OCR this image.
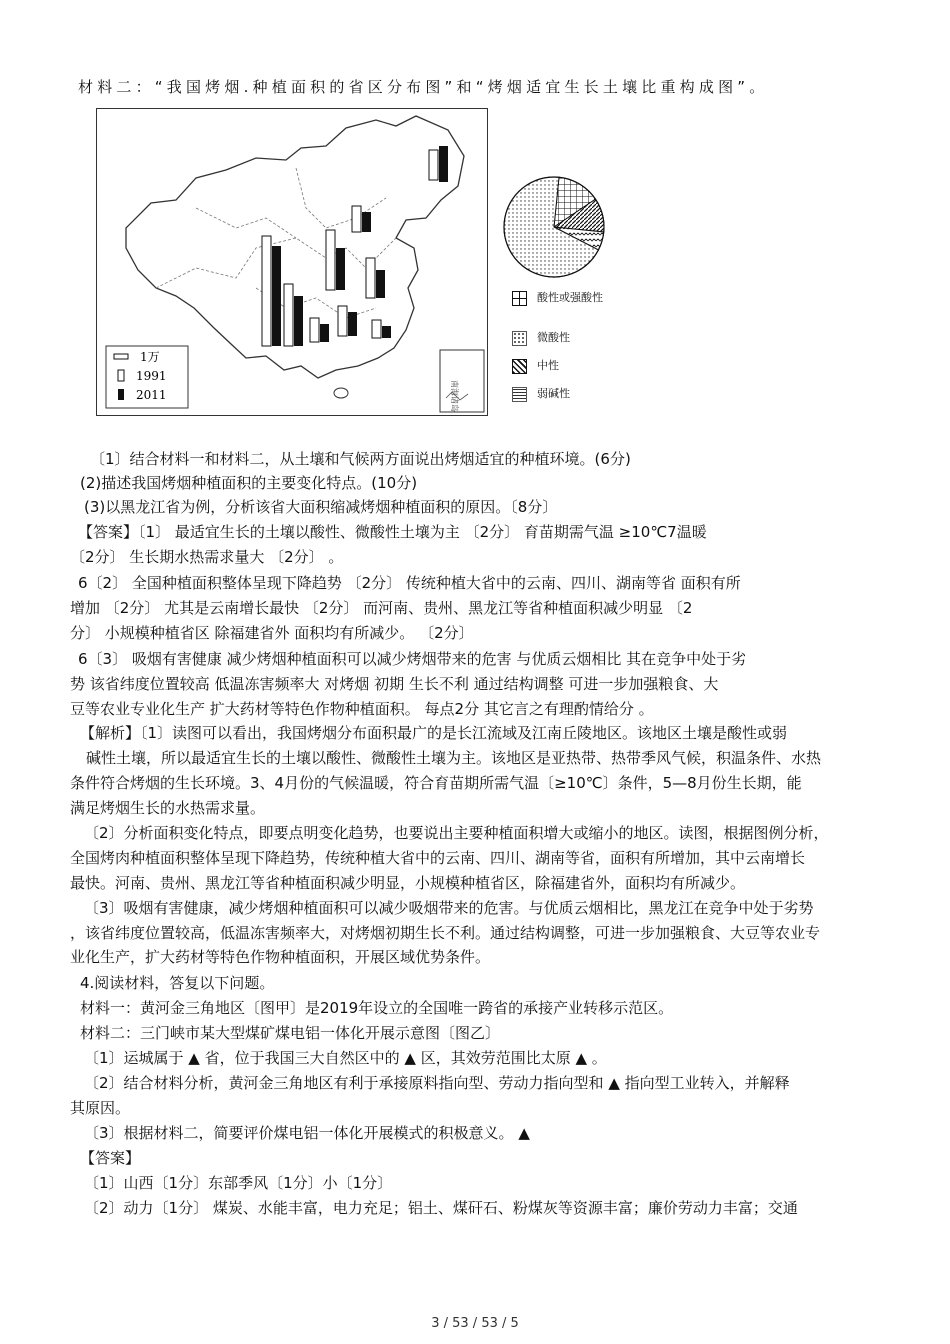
材料二：“我国烤烟.种植面积的省区分布图”和“烤烟适宜生长土壤比重构成图”。
1万
1991
2011	南海诸岛
酸性或强酸性
微酸性
中性
弱碱性
〔1〕结合材料一和材料二，从土壤和气候两方面说出烤烟适宜的种植环境。(6分)
(2)描述我国烤烟种植面积的主要变化特点。(10分)
(3)以黑龙江省为例，分析该省大面积缩减烤烟种植面积的原因。〔8分〕
【答案】〔1〕 最适宜生长的土壤以酸性、微酸性土壤为主 〔2分〕 育苗期需气温 ≥10℃7温暖
〔2分〕 生长期水热需求量大 〔2分〕 。
6〔2〕 全国种植面积整体呈现下降趋势 〔2分〕 传统种植大省中的云南、四川、湖南等省 面积有所
增加 〔2分〕 尤其是云南增长最快 〔2分〕 而河南、贵州、黑龙江等省种植面积减少明显 〔2
分〕 小规模种植省区 除福建省外 面积均有所减少。 〔2分〕
6〔3〕 吸烟有害健康 减少烤烟种植面积可以减少烤烟带来的危害 与优质云烟相比 其在竞争中处于劣
势 该省纬度位置较高 低温冻害频率大 对烤烟 初期 生长不利 通过结构调整 可进一步加强粮食、大
豆等农业专业化生产 扩大药材等特色作物种植面积。 每点2分 其它言之有理酌情给分 。
【解析】〔1〕读图可以看出，我国烤烟分布面积最广的是长江流域及江南丘陵地区。该地区土壤是酸性或弱
碱性土壤，所以最适宜生长的土壤以酸性、微酸性土壤为主。该地区是亚热带、热带季风气候，积温条件、水热
条件符合烤烟的生长环境。3、4月份的气候温暖，符合育苗期所需气温〔≥10℃〕条件，5—8月份生长期，能
满足烤烟生长的水热需求量。
〔2〕分析面积变化特点，即要点明变化趋势，也要说出主要种植面积增大或缩小的地区。读图，根据图例分析，
全国烤肉种植面积整体呈现下降趋势，传统种植大省中的云南、四川、湖南等省，面积有所增加，其中云南增长
最快。河南、贵州、黑龙江等省种植面积减少明显，小规模种植省区，除福建省外，面积均有所减少。
〔3〕吸烟有害健康，减少烤烟种植面积可以减少吸烟带来的危害。与优质云烟相比，黑龙江在竞争中处于劣势
，该省纬度位置较高，低温冻害频率大，对烤烟初期生长不利。通过结构调整，可进一步加强粮食、大豆等农业专
业化生产，扩大药材等特色作物种植面积，开展区域优势条件。
4.阅读材料，答复以下问题。
材料一：黄河金三角地区〔图甲〕是2019年设立的全国唯一跨省的承接产业转移示范区。
材料二：三门峡市某大型煤矿煤电铝一体化开展示意图〔图乙〕
〔1〕运城属于 ▲ 省，位于我国三大自然区中的 ▲ 区，其效劳范围比太原 ▲ 。
〔2〕结合材料分析，黄河金三角地区有利于承接原料指向型、劳动力指向型和 ▲ 指向型工业转入，并解释
其原因。
〔3〕根据材料二，简要评价煤电铝一体化开展模式的积极意义。 ▲
【答案】
〔1〕山西〔1分〕东部季风〔1分〕小〔1分〕
〔2〕动力〔1分〕 煤炭、水能丰富，电力充足；铝土、煤矸石、粉煤灰等资源丰富；廉价劳动力丰富；交通
3 / 53 / 53 / 5
